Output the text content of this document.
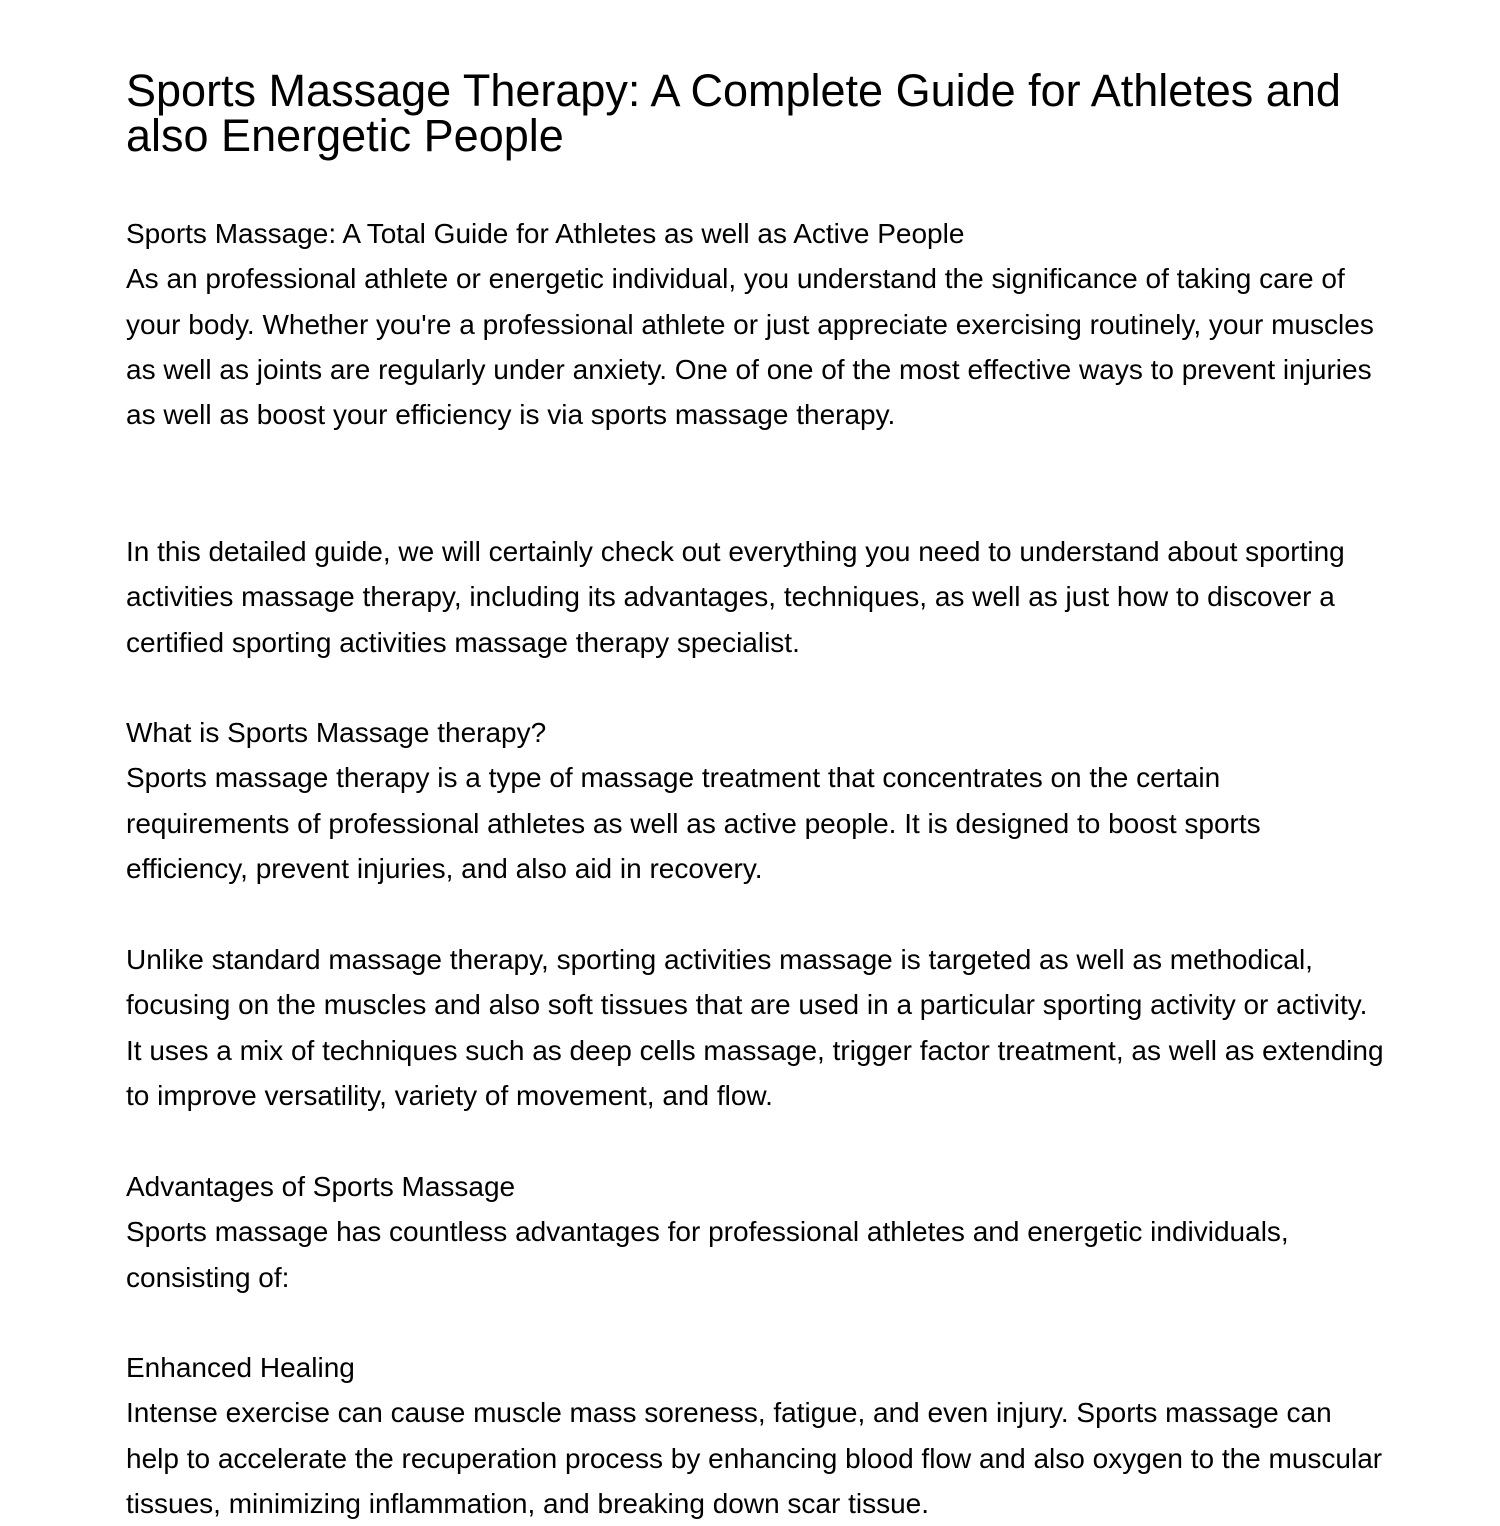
Sports Massage Therapy: A Complete Guide for Athletes and also Energetic People
Sports Massage: A Total Guide for Athletes as well as Active People

As an professional athlete or energetic individual, you understand the significance of taking care of your body. Whether you're a professional athlete or just appreciate exercising routinely, your muscles as well as joints are regularly under anxiety. One of one of the most effective ways to prevent injuries as well as boost your efficiency is via sports massage therapy.

In this detailed guide, we will certainly check out everything you need to understand about sporting activities massage therapy, including its advantages, techniques, as well as just how to discover a certified sporting activities massage therapy specialist.

What is Sports Massage therapy?

Sports massage therapy is a type of massage treatment that concentrates on the certain requirements of professional athletes as well as active people. It is designed to boost sports efficiency, prevent injuries, and also aid in recovery.

Unlike standard massage therapy, sporting activities massage is targeted as well as methodical, focusing on the muscles and also soft tissues that are used in a particular sporting activity or activity. It uses a mix of techniques such as deep cells massage, trigger factor treatment, as well as extending to improve versatility, variety of movement, and flow.

Advantages of Sports Massage

Sports massage has countless advantages for professional athletes and energetic individuals, consisting of:

Enhanced Healing

Intense exercise can cause muscle mass soreness, fatigue, and even injury. Sports massage can help to accelerate the recuperation process by enhancing blood flow and also oxygen to the muscular tissues, minimizing inflammation, and breaking down scar tissue.
